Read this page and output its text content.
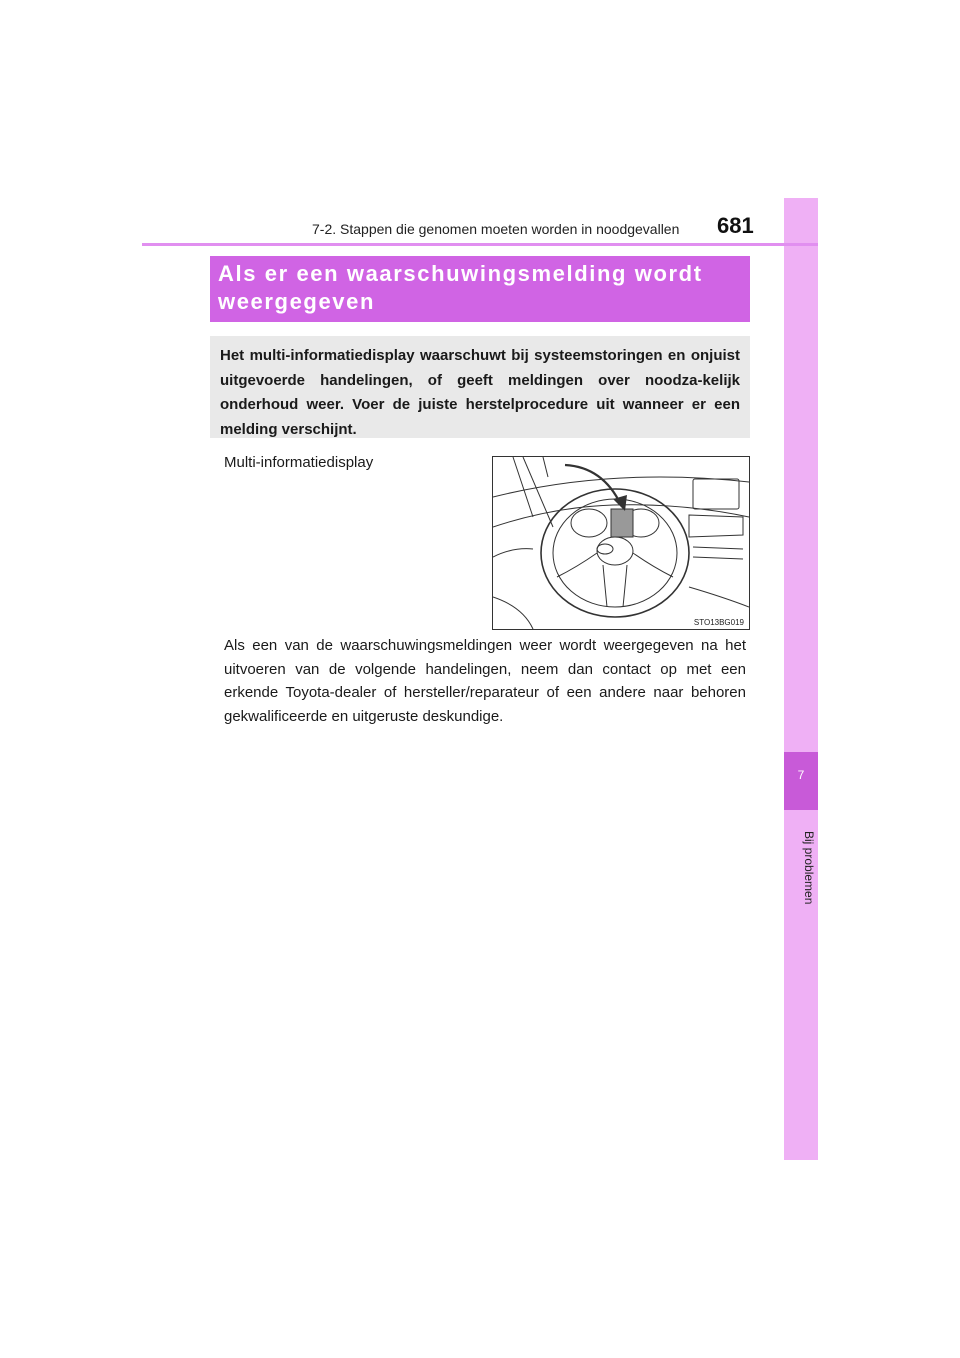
7
Bij problemen
7-2. Stappen die genomen moeten worden in noodgevallen 681
Als er een waarschuwingsmelding wordt weergegeven

Het multi-informatiedisplay waarschuwt bij systeemstoringen en onjuist uitgevoerde handelingen, of geeft meldingen over noodza-kelijk onderhoud weer. Voer de juiste herstelprocedure uit wanneer er een melding verschijnt.

Multi-informatiedisplay
STO13BG019

Als een van de waarschuwingsmeldingen weer wordt weergegeven na het uitvoeren van de volgende handelingen, neem dan contact op met een erkende Toyota-dealer of hersteller/reparateur of een andere naar behoren gekwalificeerde en uitgeruste deskundige.
